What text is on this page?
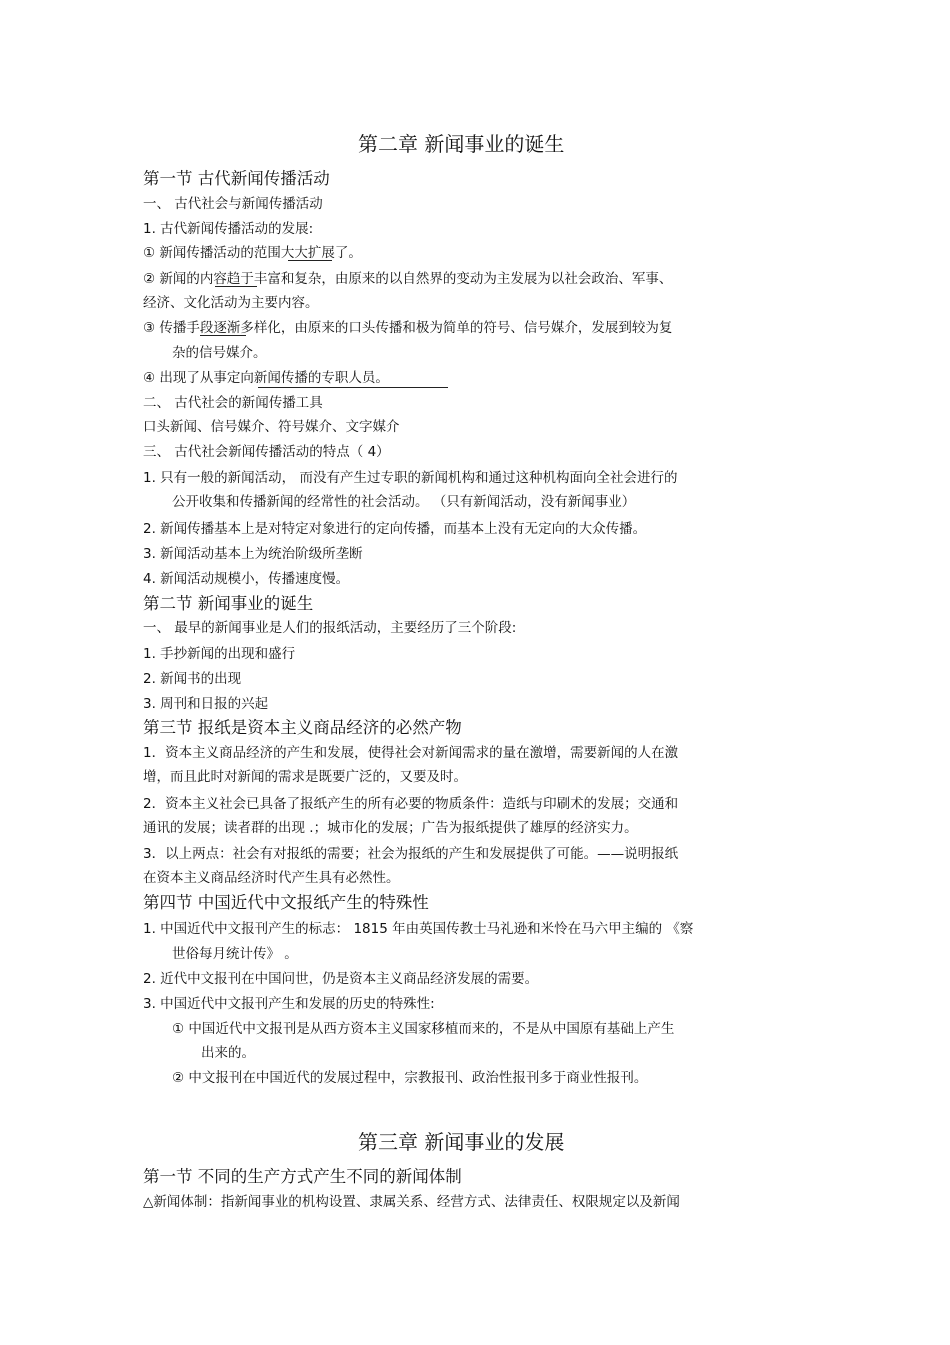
第二章 新闻事业的诞生
第一节 古代新闻传播活动
一、 古代社会与新闻传播活动
1. 古代新闻传播活动的发展:
① 新闻传播活动的范围大大扩展了。
② 新闻的内容趋于丰富和复杂，由原来的以自然界的变动为主发展为以社会政治、军事、
经济、文化活动为主要内容。
③ 传播手段逐渐多样化，由原来的口头传播和极为简单的符号、信号媒介，发展到较为复
杂的信号媒介。
④ 出现了从事定向新闻传播的专职人员。
二、 古代社会的新闻传播工具
口头新闻、信号媒介、符号媒介、文字媒介
三、 古代社会新闻传播活动的特点（ 4）
1. 只有一般的新闻活动， 而没有产生过专职的新闻机构和通过这种机构面向全社会进行的
公开收集和传播新闻的经常性的社会活动。 （只有新闻活动，没有新闻事业）
2. 新闻传播基本上是对特定对象进行的定向传播，而基本上没有无定向的大众传播。
3. 新闻活动基本上为统治阶级所垄断
4. 新闻活动规模小，传播速度慢。
第二节 新闻事业的诞生
一、 最早的新闻事业是人们的报纸活动，主要经历了三个阶段:
1. 手抄新闻的出现和盛行
2. 新闻书的出现
3. 周刊和日报的兴起
第三节 报纸是资本主义商品经济的必然产物
1．资本主义商品经济的产生和发展，使得社会对新闻需求的量在激增，需要新闻的人在激
增，而且此时对新闻的需求是既要广泛的，又要及时。
2．资本主义社会已具备了报纸产生的所有必要的物质条件：造纸与印刷术的发展；交通和
通讯的发展；读者群的出现 .；城市化的发展；广告为报纸提供了雄厚的经济实力。
3．以上两点：社会有对报纸的需要；社会为报纸的产生和发展提供了可能。——说明报纸
在资本主义商品经济时代产生具有必然性。
第四节 中国近代中文报纸产生的特殊性
1. 中国近代中文报刊产生的标志： 1815 年由英国传教士马礼逊和米怜在马六甲主编的 《察
世俗每月统计传》 。
2. 近代中文报刊在中国问世，仍是资本主义商品经济发展的需要。
3. 中国近代中文报刊产生和发展的历史的特殊性:
① 中国近代中文报刊是从西方资本主义国家移植而来的，不是从中国原有基础上产生
出来的。
② 中文报刊在中国近代的发展过程中，宗教报刊、政治性报刊多于商业性报刊。
第三章 新闻事业的发展
第一节 不同的生产方式产生不同的新闻体制
△新闻体制：指新闻事业的机构设置、隶属关系、经营方式、法律责任、权限规定以及新闻
